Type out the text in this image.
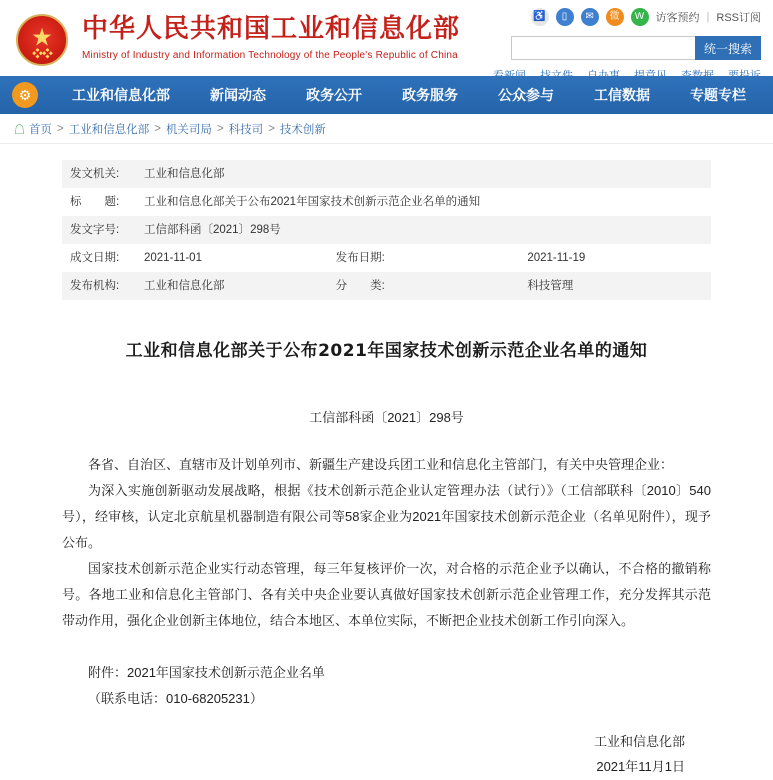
★
❖❖
中华人民共和国工业和信息化部
Ministry of Industry and Information Technology of the People's Republic of China
♿	▯	✉	微	W	访客预约 | RSS订阅
统一搜索
看新闻 找文件 自办事 提意见 查数据 要投诉
⚙	工业和信息化部	新闻动态	政务公开	政务服务	公众参与	工信数据	专题专栏
☖ 首页 > 工业和信息化部 > 机关司局 > 科技司 > 技术创新
发文机关:	工业和信息化部		
标　　题:	工业和信息化部关于公布2021年国家技术创新示范企业名单的通知		
发文字号:	工信部科函〔2021〕298号		
成文日期:	2021-11-01	发布日期:	2021-11-19
发布机构:	工业和信息化部	分　　类:	科技管理
工业和信息化部关于公布2021年国家技术创新示范企业名单的通知
工信部科函〔2021〕298号

各省、自治区、直辖市及计划单列市、新疆生产建设兵团工业和信息化主管部门，有关中央管理企业：

为深入实施创新驱动发展战略，根据《技术创新示范企业认定管理办法（试行）》（工信部联科〔2010〕540号），经审核，认定北京航星机器制造有限公司等58家企业为2021年国家技术创新示范企业（名单见附件），现予公布。

国家技术创新示范企业实行动态管理，每三年复核评价一次，对合格的示范企业予以确认，不合格的撤销称号。各地工业和信息化主管部门、各有关中央企业要认真做好国家技术创新示范企业管理工作，充分发挥其示范带动作用，强化企业创新主体地位，结合本地区、本单位实际，不断把企业技术创新工作引向深入。

附件：2021年国家技术创新示范企业名单
（联系电话：010-68205231）
工业和信息化部
2021年11月1日
